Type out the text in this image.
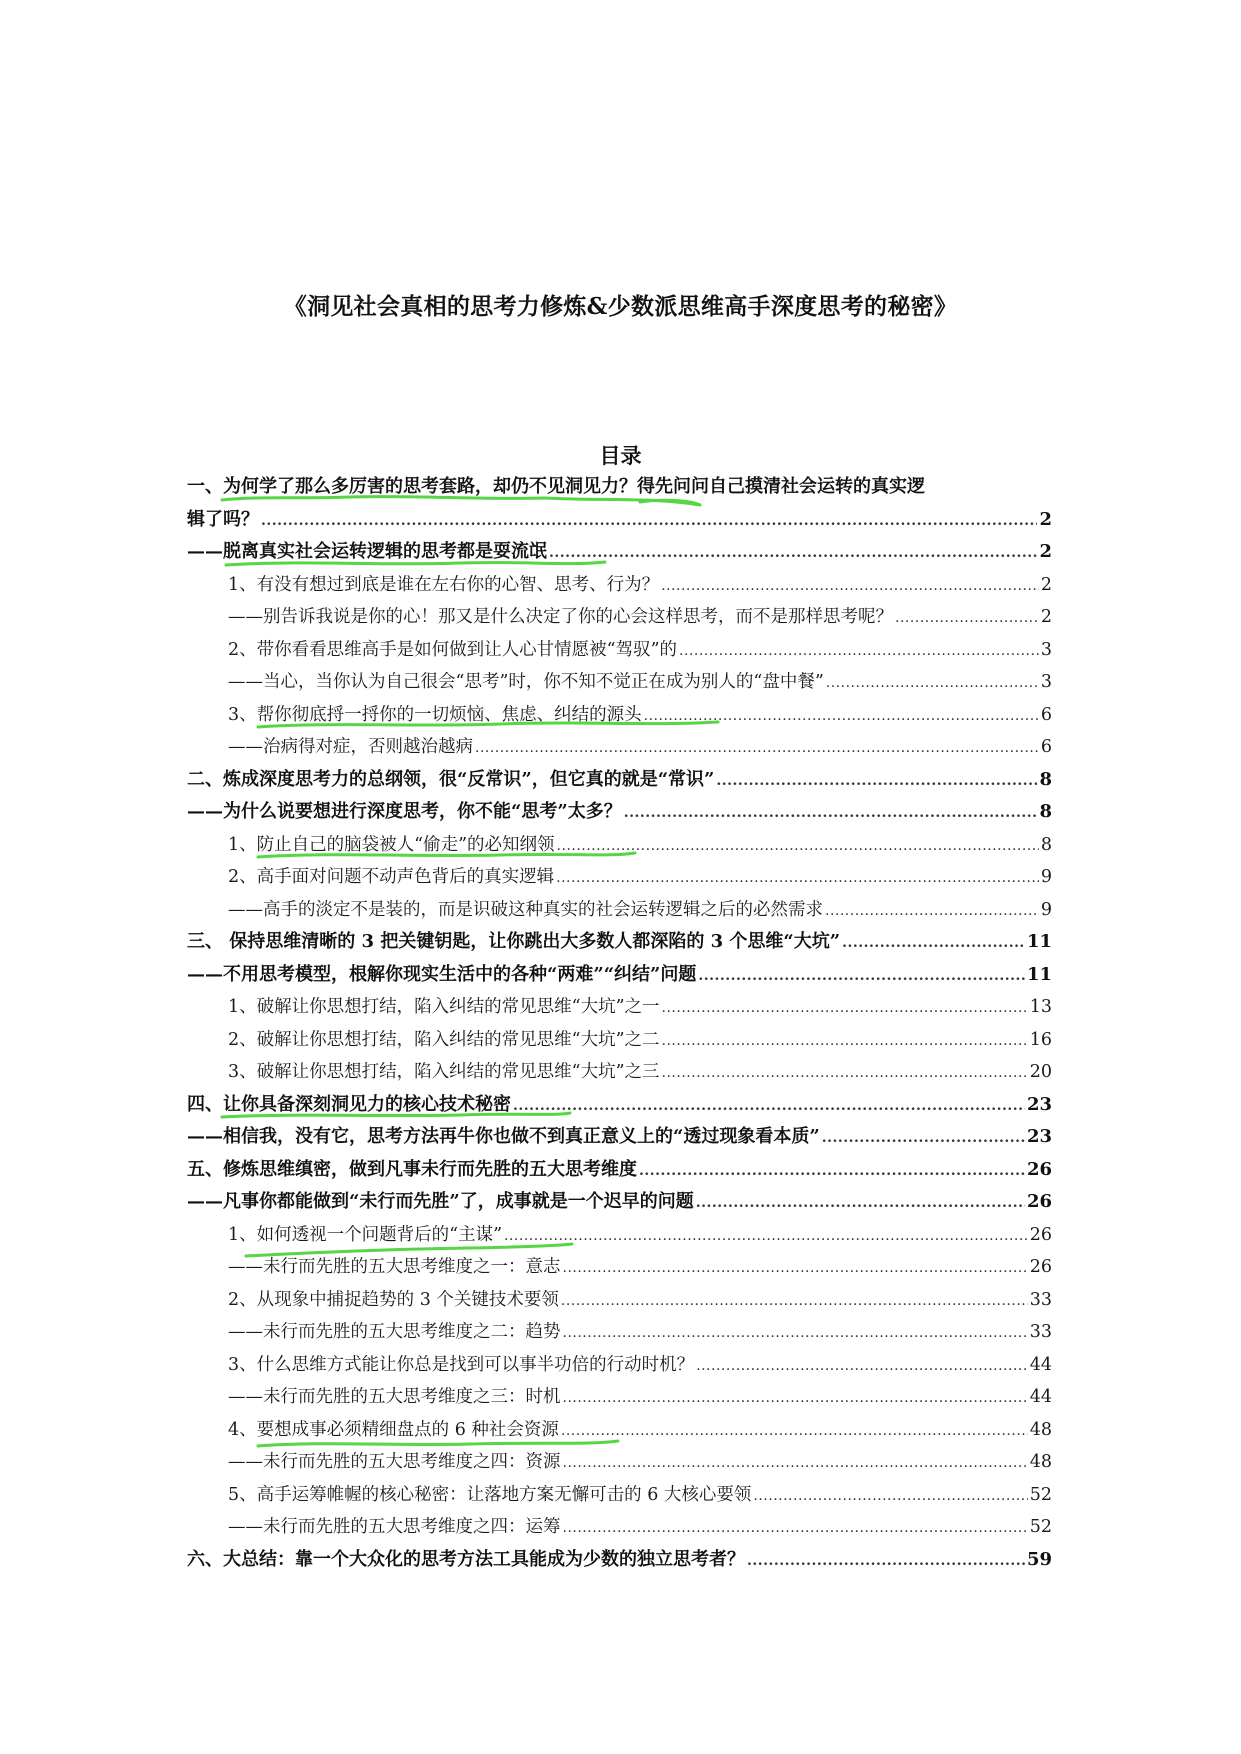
《洞见社会真相的思考力修炼&少数派思维高手深度思考的秘密》
目录
一、为何学了那么多厉害的思考套路，却仍不见洞见力？得先问问自己摸清社会运转的真实逻
辑了吗？ .....	2
——脱离真实社会运转逻辑的思考都是耍流氓 .....	2
1、有没有想过到底是谁在左右你的心智、思考、行为？ .....	2
——别告诉我说是你的心！那又是什么决定了你的心会这样思考，而不是那样思考呢？ .....	2
2、带你看看思维高手是如何做到让人心甘情愿被“驾驭”的 .....	3
——当心，当你认为自己很会“思考”时，你不知不觉正在成为别人的“盘中餐” .....	3
3、帮你彻底捋一捋你的一切烦恼、焦虑、纠结的源头 .....	6
——治病得对症，否则越治越病 .....	6
二、炼成深度思考力的总纲领，很“反常识”，但它真的就是“常识” .....	8
——为什么说要想进行深度思考，你不能“思考”太多？ .....	8
1、防止自己的脑袋被人“偷走”的必知纲领 .....	8
2、高手面对问题不动声色背后的真实逻辑 .....	9
——高手的淡定不是装的，而是识破这种真实的社会运转逻辑之后的必然需求 .....	9
三、 保持思维清晰的 3 把关键钥匙，让你跳出大多数人都深陷的 3 个思维“大坑” .....	11
——不用思考模型，根解你现实生活中的各种“两难”“纠结”问题 .....	11
1、破解让你思想打结，陷入纠结的常见思维“大坑”之一 .....	13
2、破解让你思想打结，陷入纠结的常见思维“大坑”之二 .....	16
3、破解让你思想打结，陷入纠结的常见思维“大坑”之三 .....	20
四、让你具备深刻洞见力的核心技术秘密 .....	23
——相信我，没有它，思考方法再牛你也做不到真正意义上的“透过现象看本质” .....	23
五、修炼思维缜密，做到凡事未行而先胜的五大思考维度 .....	26
——凡事你都能做到“未行而先胜”了，成事就是一个迟早的问题 .....	26
1、如何透视一个问题背后的“主谋” .....	26
——未行而先胜的五大思考维度之一：意志 .....	26
2、从现象中捕捉趋势的 3 个关键技术要领 .....	33
——未行而先胜的五大思考维度之二：趋势 .....	33
3、什么思维方式能让你总是找到可以事半功倍的行动时机？ .....	44
——未行而先胜的五大思考维度之三：时机 .....	44
4、要想成事必须精细盘点的 6 种社会资源 .....	48
——未行而先胜的五大思考维度之四：资源 .....	48
5、高手运筹帷幄的核心秘密：让落地方案无懈可击的 6 大核心要领 .....	52
——未行而先胜的五大思考维度之四：运筹 .....	52
六、大总结：靠一个大众化的思考方法工具能成为少数的独立思考者？ .....	59
